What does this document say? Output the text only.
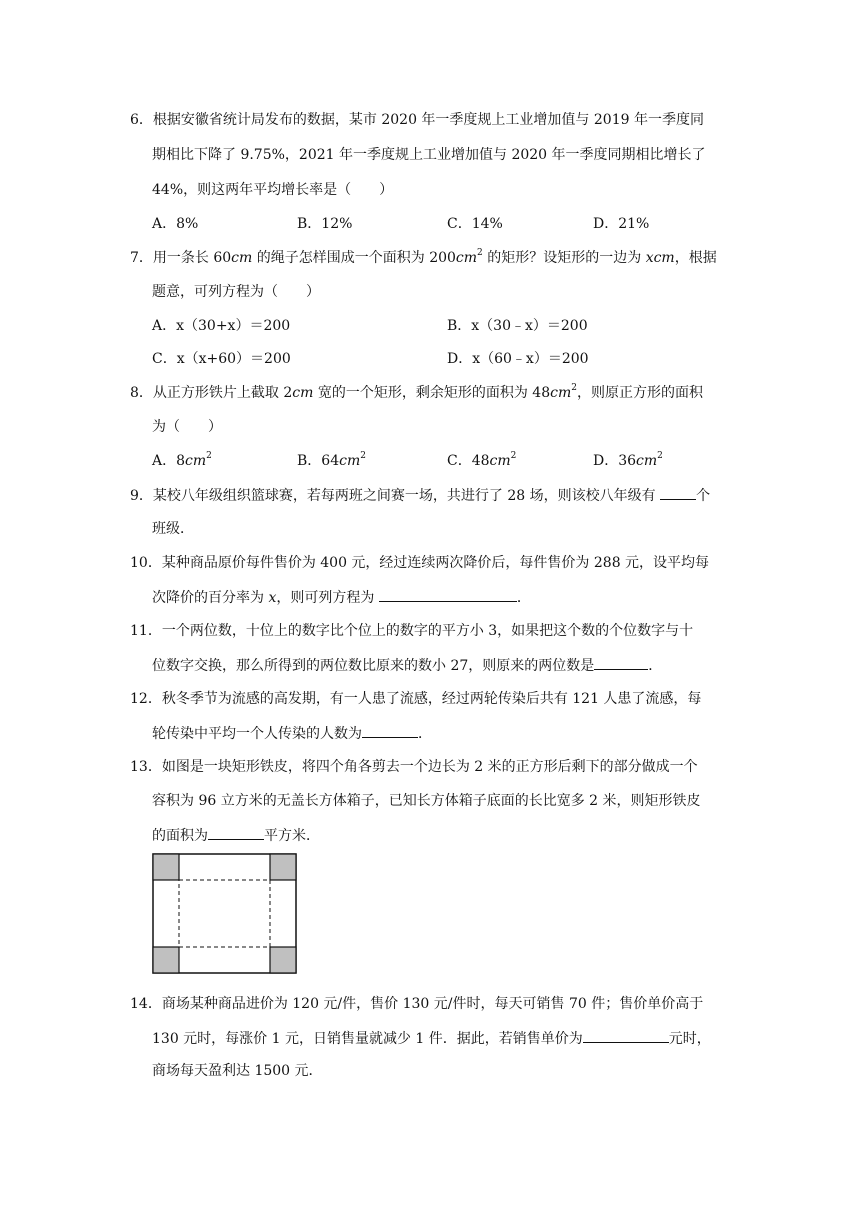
6．根据安徽省统计局发布的数据，某市 2020 年一季度规上工业增加值与 2019 年一季度同
期相比下降了 9.75%，2021 年一季度规上工业增加值与 2020 年一季度同期相比增长了
44%，则这两年平均增长率是（　　）
A．8%	B．12%	C．14%	D．21%
7．用一条长 60cm 的绳子怎样围成一个面积为 $200cm^2$ 的矩形？设矩形的一边为 xcm，根据
题意，可列方程为（　　）
A．x（30+x）＝200	B．x（30﹣x）＝200
C．x（x+60）＝200	D．x（60﹣x）＝200
8．从正方形铁片上截取 2cm 宽的一个矩形，剩余矩形的面积为 $48cm^2$，则原正方形的面积
为（　　）
A．$8cm^2$	B．$64cm^2$	C．$48cm^2$	D．$36cm^2$
9．某校八年级组织篮球赛，若每两班之间赛一场，共进行了 28 场，则该校八年级有	个
班级．
10．某种商品原价每件售价为 400 元，经过连续两次降价后，每件售价为 288 元，设平均每
次降价的百分率为 x，则可列方程为	．
11．一个两位数，十位上的数字比个位上的数字的平方小 3，如果把这个数的个位数字与十
位数字交换，那么所得到的两位数比原来的数小 27，则原来的两位数是	．
12．秋冬季节为流感的高发期，有一人患了流感，经过两轮传染后共有 121 人患了流感，每
轮传染中平均一个人传染的人数为	．
13．如图是一块矩形铁皮，将四个角各剪去一个边长为 2 米的正方形后剩下的部分做成一个
容积为 96 立方米的无盖长方体箱子，已知长方体箱子底面的长比宽多 2 米，则矩形铁皮
的面积为	平方米．
14．商场某种商品进价为 120 元/件，售价 130 元/件时，每天可销售 70 件；售价单价高于
130 元时，每涨价 1 元，日销售量就减少 1 件．据此，若销售单价为	元时，
商场每天盈利达 1500 元．
